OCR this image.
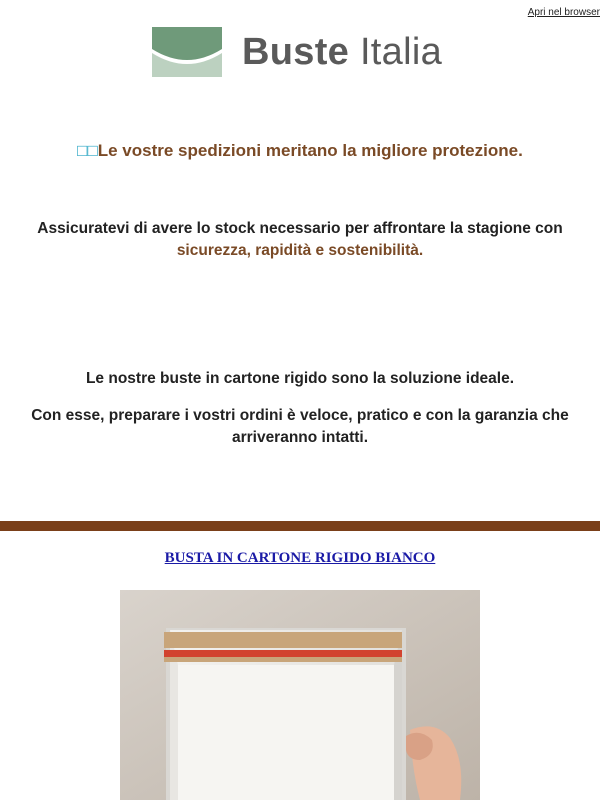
Apri nel browser
Buste Italia
□□Le vostre spedizioni meritano la migliore protezione.
Assicuratevi di avere lo stock necessario per affrontare la stagione con sicurezza, rapidità e sostenibilità.
Le nostre buste in cartone rigido sono la soluzione ideale.
Con esse, preparare i vostri ordini è veloce, pratico e con la garanzia che arriveranno intatti.
BUSTA IN CARTONE RIGIDO BIANCO
